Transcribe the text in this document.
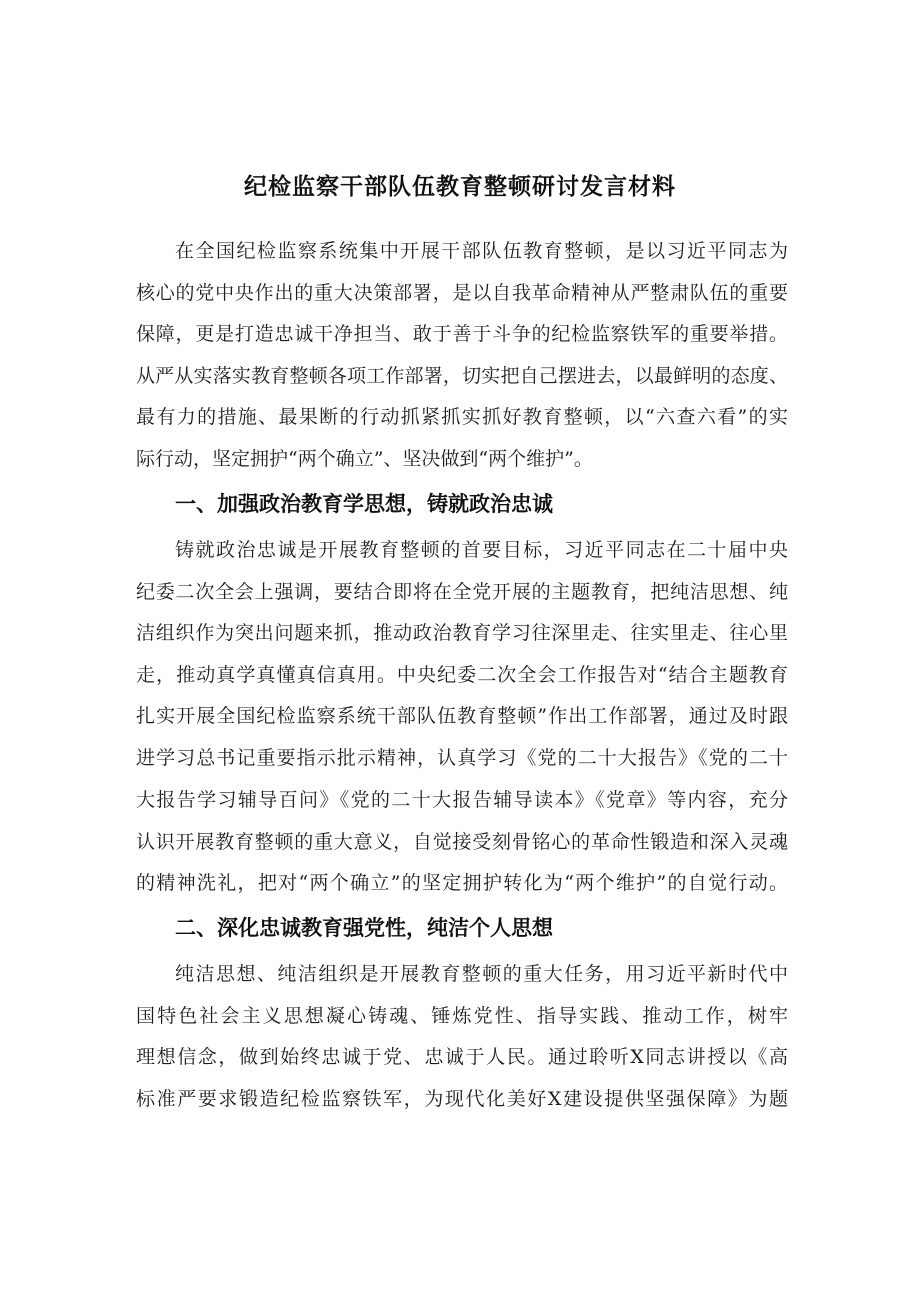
纪检监察干部队伍教育整顿研讨发言材料
在全国纪检监察系统集中开展干部队伍教育整顿，是以习近平同志为
核心的党中央作出的重大决策部署，是以自我革命精神从严整肃队伍的重要
保障，更是打造忠诚干净担当、敢于善于斗争的纪检监察铁军的重要举措。
从严从实落实教育整顿各项工作部署，切实把自己摆进去，以最鲜明的态度、
最有力的措施、最果断的行动抓紧抓实抓好教育整顿，以“六查六看”的实
际行动，坚定拥护“两个确立”、坚决做到“两个维护”。
一、加强政治教育学思想，铸就政治忠诚
铸就政治忠诚是开展教育整顿的首要目标，习近平同志在二十届中央
纪委二次全会上强调，要结合即将在全党开展的主题教育，把纯洁思想、纯
洁组织作为突出问题来抓，推动政治教育学习往深里走、往实里走、往心里
走，推动真学真懂真信真用。中央纪委二次全会工作报告对“结合主题教育
扎实开展全国纪检监察系统干部队伍教育整顿”作出工作部署，通过及时跟
进学习总书记重要指示批示精神，认真学习《党的二十大报告》《党的二十
大报告学习辅导百问》《党的二十大报告辅导读本》《党章》等内容，充分
认识开展教育整顿的重大意义，自觉接受刻骨铭心的革命性锻造和深入灵魂
的精神洗礼，把对“两个确立”的坚定拥护转化为“两个维护”的自觉行动。
二、深化忠诚教育强党性，纯洁个人思想
纯洁思想、纯洁组织是开展教育整顿的重大任务，用习近平新时代中
国特色社会主义思想凝心铸魂、锤炼党性、指导实践、推动工作，树牢
理想信念，做到始终忠诚于党、忠诚于人民。通过聆听X同志讲授以《高
标准严要求锻造纪检监察铁军，为现代化美好X建设提供坚强保障》为题
